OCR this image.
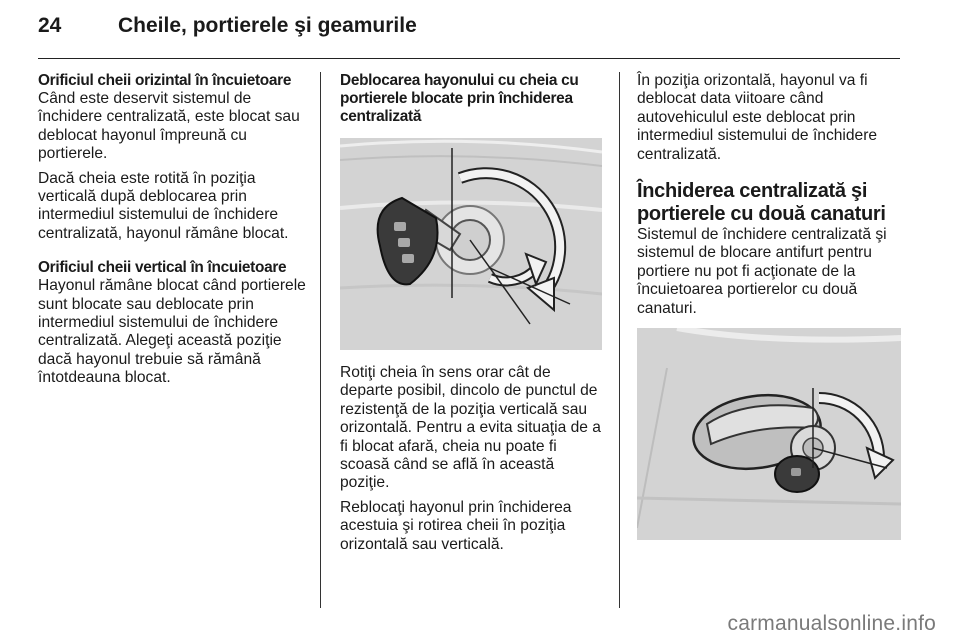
24	Cheile, portierele şi geamurile
Orificiul cheii orizintal în încuietoare

Când este deservit sistemul de închidere centralizată, este blocat sau deblocat hayonul împreună cu portierele.

Dacă cheia este rotită în poziţia verticală după deblocarea prin intermediul sistemului de închidere centralizată, hayonul rămâne blocat.

Orificiul cheii vertical în încuietoare

Hayonul rămâne blocat când portierele sunt blocate sau deblocate prin intermediul sistemului de închidere centralizată. Alegeţi această poziţie dacă hayonul trebuie să rămână întotdeauna blocat.

Deblocarea hayonului cu cheia cu portierele blocate prin închiderea centralizată

Rotiţi cheia în sens orar cât de departe posibil, dincolo de punctul de rezistenţă de la poziţia verticală sau orizontală. Pentru a evita situaţia de a fi blocat afară, cheia nu poate fi scoasă când se află în această poziţie.

Reblocaţi hayonul prin închiderea acestuia şi rotirea cheii în poziţia orizontală sau verticală.

În poziţia orizontală, hayonul va fi deblocat data viitoare când autovehiculul este deblocat prin intermediul sistemului de închidere centralizată.

Închiderea centralizată şi portierele cu două canaturi

Sistemul de închidere centralizată şi sistemul de blocare antifurt pentru portiere nu pot fi acţionate de la încuietoarea portierelor cu două canaturi.

carmanualsonline.info
